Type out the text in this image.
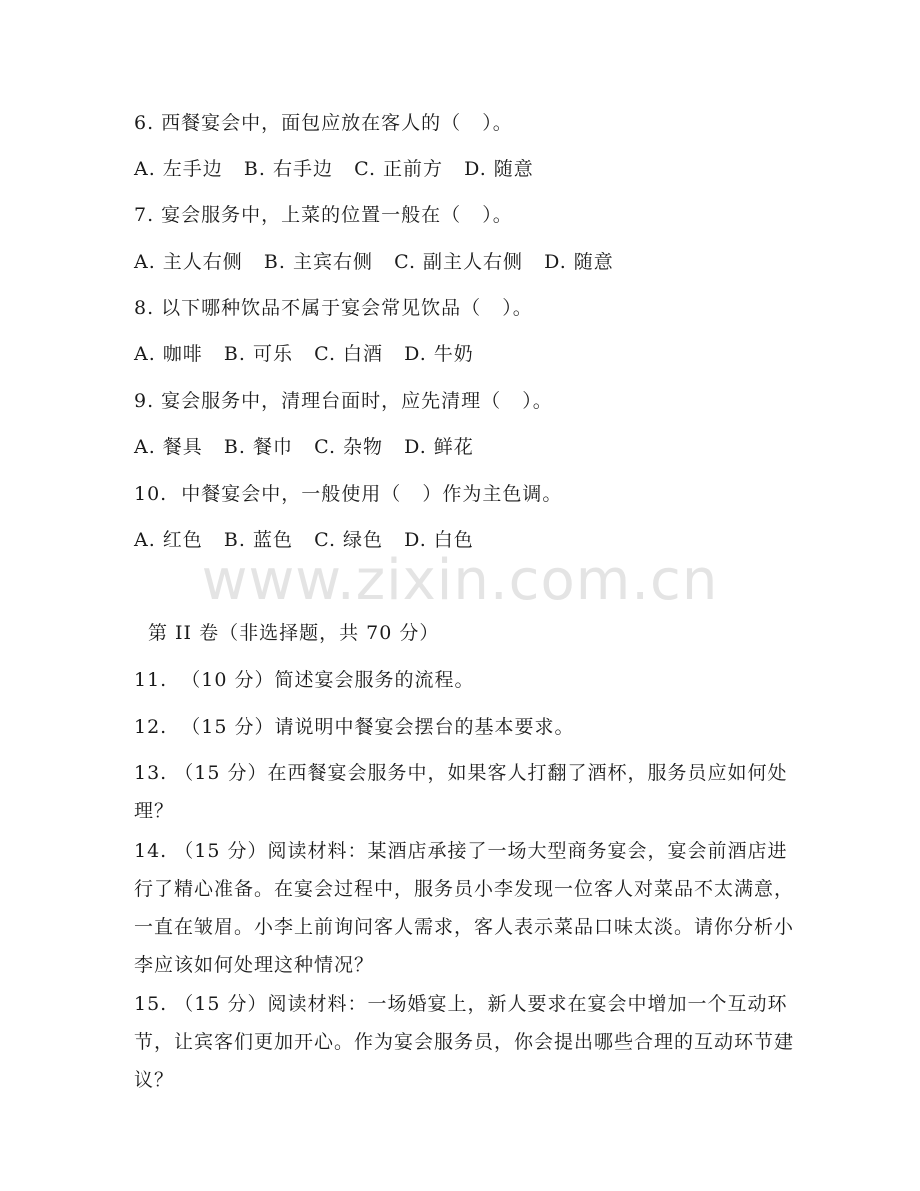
6. 西餐宴会中，面包应放在客人的（   ）。
A. 左手边   B. 右手边   C. 正前方   D. 随意
7. 宴会服务中，上菜的位置一般在（   ）。
A. 主人右侧   B. 主宾右侧   C. 副主人右侧   D. 随意
8. 以下哪种饮品不属于宴会常见饮品（   ）。
A. 咖啡   B. 可乐   C. 白酒   D. 牛奶
9. 宴会服务中，清理台面时，应先清理（   ）。
A. 餐具   B. 餐巾   C. 杂物   D. 鲜花
10.  中餐宴会中，一般使用（   ）作为主色调。
A. 红色   B. 蓝色   C. 绿色   D. 白色
www.zixin.com.cn
第 II 卷（非选择题，共 70 分）
11.  （10 分）简述宴会服务的流程。
12.  （15 分）请说明中餐宴会摆台的基本要求。
13. （15 分）在西餐宴会服务中，如果客人打翻了酒杯，服务员应如何处理？
14. （15 分）阅读材料：某酒店承接了一场大型商务宴会，宴会前酒店进行了精心准备。在宴会过程中，服务员小李发现一位客人对菜品不太满意，一直在皱眉。小李上前询问客人需求，客人表示菜品口味太淡。请你分析小李应该如何处理这种情况？
15. （15 分）阅读材料：一场婚宴上，新人要求在宴会中增加一个互动环节，让宾客们更加开心。作为宴会服务员，你会提出哪些合理的互动环节建议？
